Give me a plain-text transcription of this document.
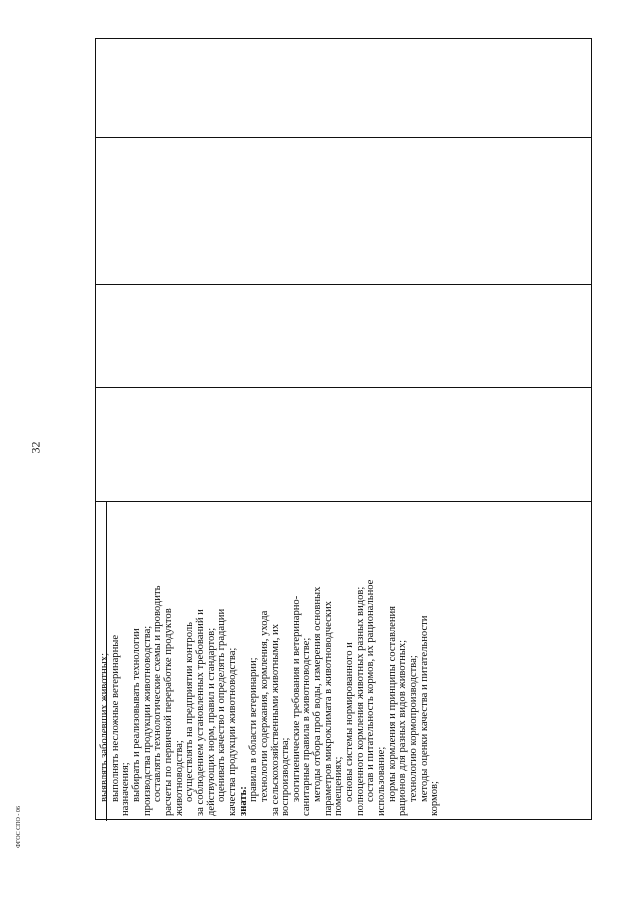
32
ФГОС СПО - 06
выявлять заболевших животных; выполнять несложные ветеринарные назначения; выбирать и реализовывать технологии производства продукции животноводства; составлять технологические схемы и проводить расчеты по первичной переработке продуктов животноводства; осуществлять на предприятии контроль за соблюдением установленных требований и действующих норм, правил и стандартов; оценивать качество и определять градации качества продукции животноводства; знать: правила в области ветеринарии; технологии содержания, кормления, ухода за сельскохозяйственными животными, их воспроизводства; зоогигиенические требования и ветеринарно- санитарные правила в животноводстве; методы отбора проб воды, измерения основных параметров микроклимата в животноводческих помещениях; основы системы нормированного и полноценного кормления животных разных видов; состав и питательность кормов, их рациональное использование; нормы кормления и принципы составления рационов для разных видов животных; технологию кормопроизводства; методы оценки качества и питательности кормов;
